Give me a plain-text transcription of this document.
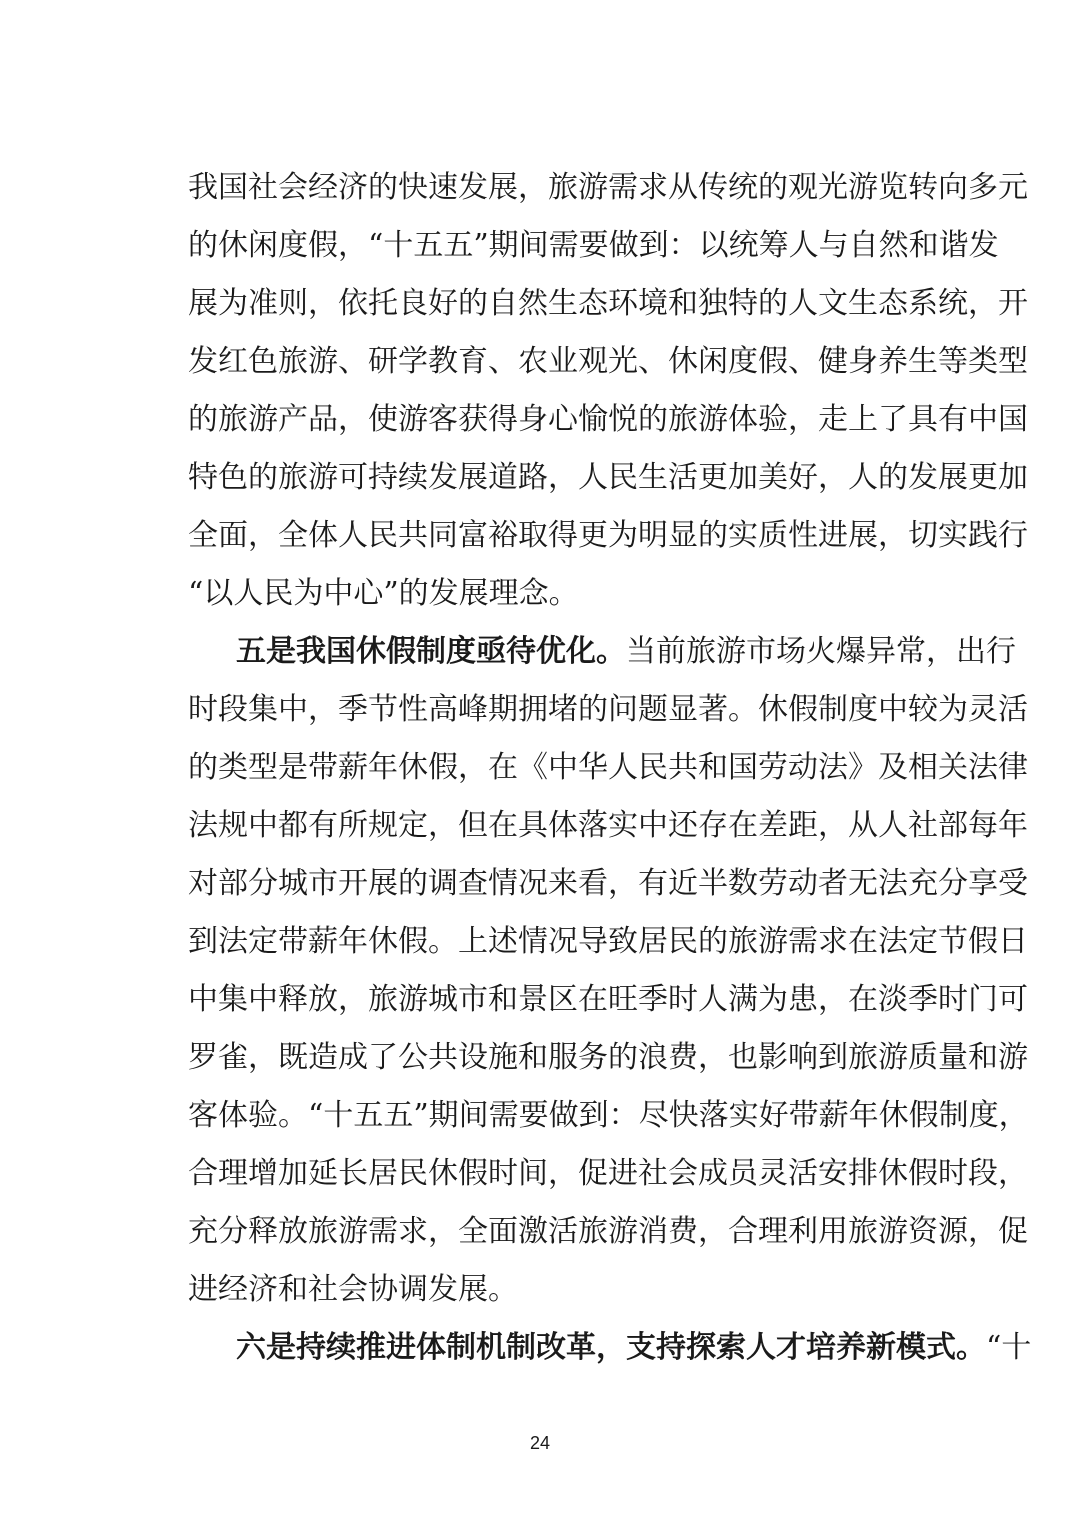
我国社会经济的快速发展，旅游需求从传统的观光游览转向多元
的休闲度假，“十五五”期间需要做到：以统筹人与自然和谐发
展为准则，依托良好的自然生态环境和独特的人文生态系统，开
发红色旅游、研学教育、农业观光、休闲度假、健身养生等类型
的旅游产品，使游客获得身心愉悦的旅游体验，走上了具有中国
特色的旅游可持续发展道路，人民生活更加美好，人的发展更加
全面，全体人民共同富裕取得更为明显的实质性进展，切实践行
“以人民为中心”的发展理念。
五是我国休假制度亟待优化。当前旅游市场火爆异常，出行
时段集中，季节性高峰期拥堵的问题显著。休假制度中较为灵活
的类型是带薪年休假，在《中华人民共和国劳动法》及相关法律
法规中都有所规定，但在具体落实中还存在差距，从人社部每年
对部分城市开展的调查情况来看，有近半数劳动者无法充分享受
到法定带薪年休假。上述情况导致居民的旅游需求在法定节假日
中集中释放，旅游城市和景区在旺季时人满为患，在淡季时门可
罗雀，既造成了公共设施和服务的浪费，也影响到旅游质量和游
客体验。“十五五”期间需要做到：尽快落实好带薪年休假制度，
合理增加延长居民休假时间，促进社会成员灵活安排休假时段，
充分释放旅游需求，全面激活旅游消费，合理利用旅游资源，促
进经济和社会协调发展。
六是持续推进体制机制改革，支持探索人才培养新模式。“十
24
